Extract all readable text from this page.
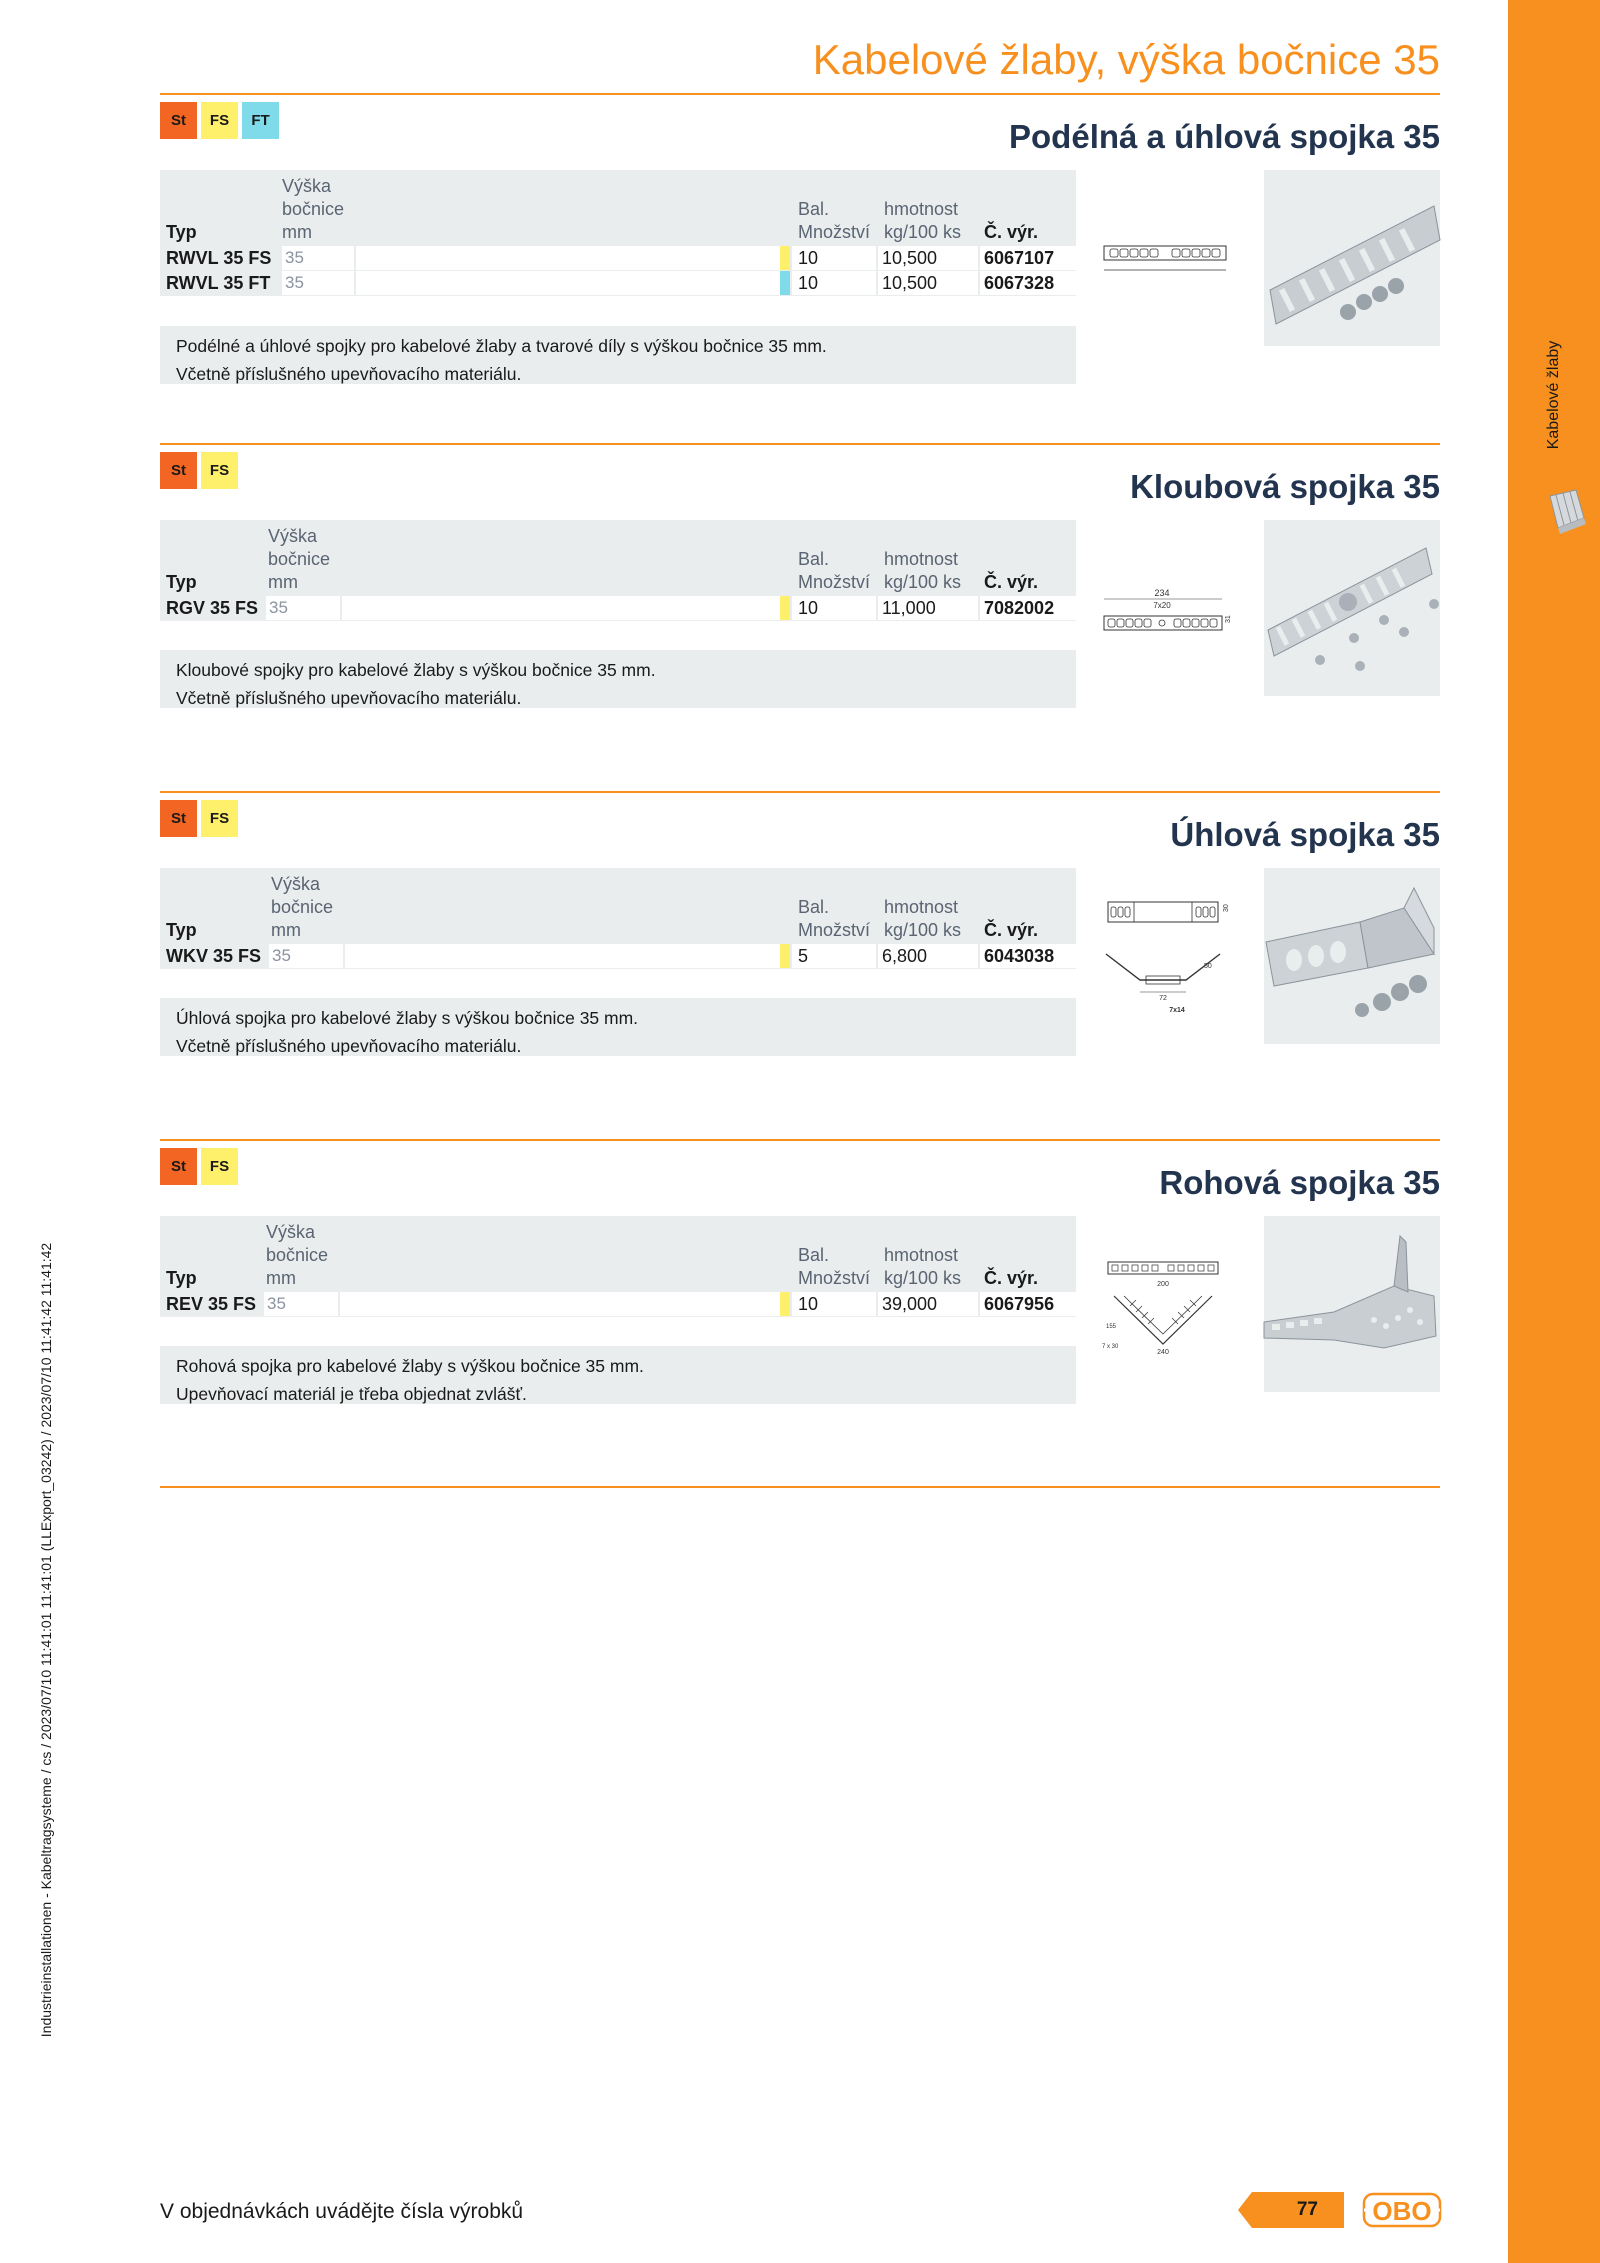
Kabelové žlaby
Industrieinstallationen - Kabeltragsysteme / cs / 2023/07/10 11:41:01 11:41:01 (LLExport_03242) / 2023/07/10 11:41:42 11:41:42
Kabelové žlaby, výška bočnice 35
St	FS	FT	Podélná a úhlová spojka 35
Typ
Výška
mm
Bal.
Množství
hmotnost
kg/100 ks Č. výr.
bočnice
RWVL 35 FS 35	10	10,500	6067107
RWVL 35 FT 35	10	10,500	6067328
Podélné a úhlové spojky pro kabelové žlaby a tvarové díly s výškou bočnice 35 mm.
Včetně příslušného upevňovacího materiálu.
St	FS	Kloubová spojka 35
Typ
Výška
bočnice
mm
Bal.
Množství
hmotnost
kg/100 ks Č. výr.
RGV 35 FS 35	10	11,000	7082002
Kloubové spojky pro kabelové žlaby s výškou bočnice 35 mm.
Včetně příslušného upevňovacího materiálu.
234
7x20
31
St	FS	Úhlová spojka 35
Typ
Výška
bočnice
mm
Bal.
Množství
hmotnost
kg/100 ks Č. výr.
WKV 35 FS 35	5	6,800	6043038
Úhlová spojka pro kabelové žlaby s výškou bočnice 35 mm.
Včetně příslušného upevňovacího materiálu.
30
50
72
7x14
St	FS	Rohová spojka 35
Typ
Výška
bočnice
mm
Bal.
Množství
hmotnost
kg/100 ks Č. výr.
REV 35 FS 35	10	39,000	6067956
Rohová spojka pro kabelové žlaby s výškou bočnice 35 mm.
Upevňovací materiál je třeba objednat zvlášť.
200
155
240
7 x 30
V objednávkách uvádějte čísla výrobků	77	OBO
